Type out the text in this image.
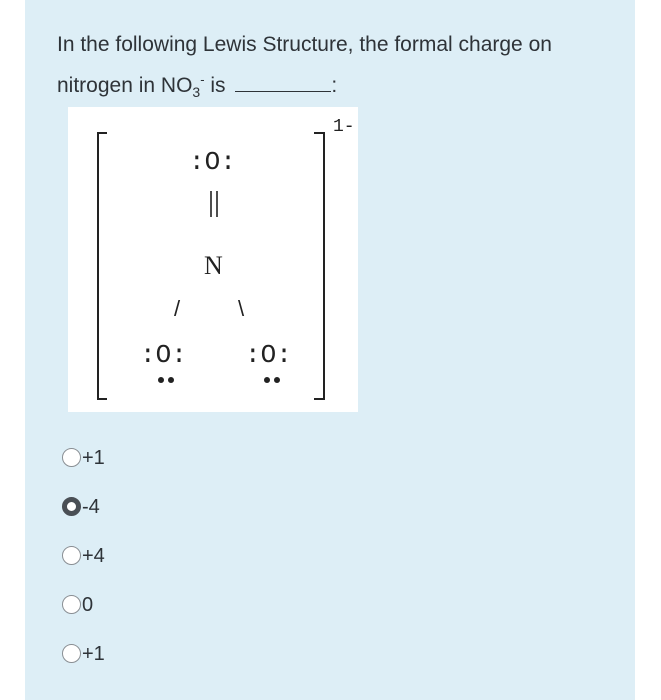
In the following Lewis Structure, the formal charge on nitrogen in $NO_3^-$ is	:
1-
:O:
N
/	\
:O: :O:
+1
-4
+4
0
+1
